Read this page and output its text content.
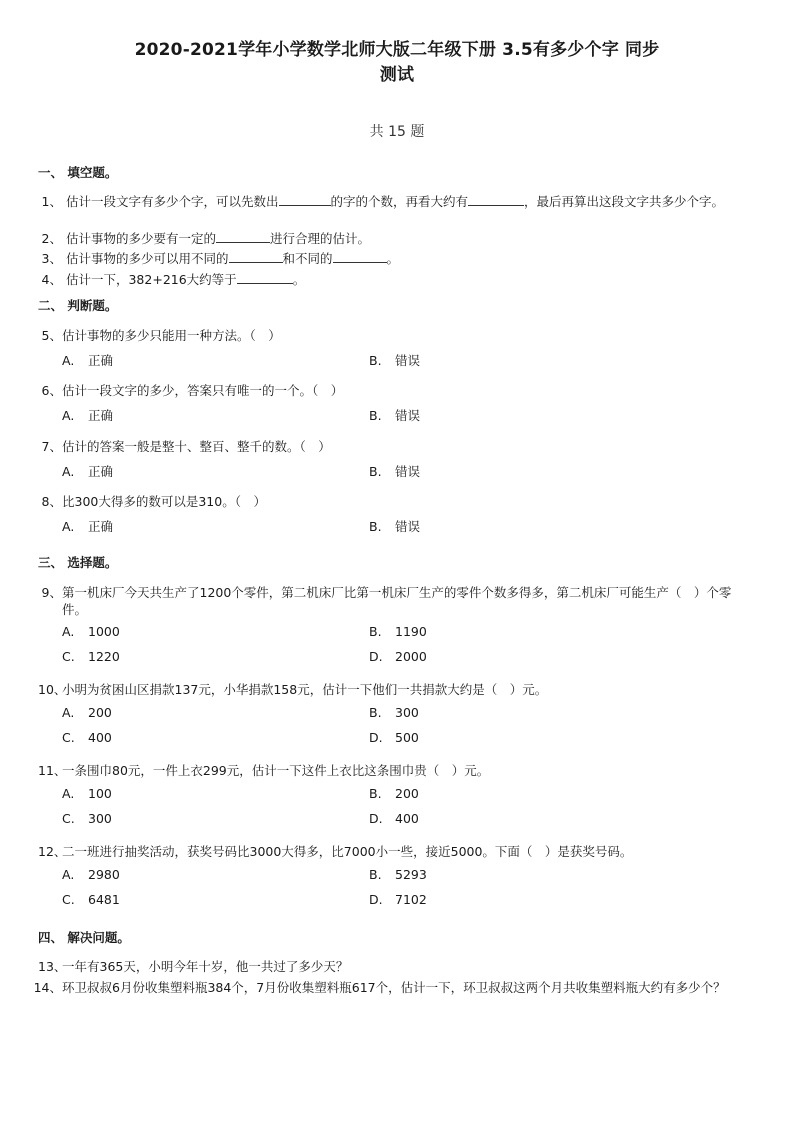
2020-2021学年小学数学北师大版二年级下册 3.5有多少个字 同步
测试
共 15 题
一、 填空题。
1、 估计一段文字有多少个字，可以先数出	的字的个数，再看大约有	，最后再算出这段文字共多少个字。
2、 估计事物的多少要有一定的	进行合理的估计。
3、 估计事物的多少可以用不同的	和不同的	。
4、 估计一下，382+216大约等于	。
二、 判断题。
5、估计事物的多少只能用一种方法。（　）
A. 正确	B. 错误
6、估计一段文字的多少，答案只有唯一的一个。（　）
A. 正确	B. 错误
7、估计的答案一般是整十、整百、整千的数。（　）
A. 正确	B. 错误
8、比300大得多的数可以是310。（　）
A. 正确	B. 错误
三、 选择题。
9、第一机床厂今天共生产了1200个零件，第二机床厂比第一机床厂生产的零件个数多得多，第二机床厂可能生产（　）个零件。
A. 1000	B. 1190
C. 1220	D. 2000
10、小明为贫困山区捐款137元，小华捐款158元，估计一下他们一共捐款大约是（　）元。
A. 200	B. 300
C. 400	D. 500
11、一条围巾80元，一件上衣299元，估计一下这件上衣比这条围巾贵（　）元。
A. 100	B. 200
C. 300	D. 400
12、二一班进行抽奖活动，获奖号码比3000大得多，比7000小一些，接近5000。下面（　）是获奖号码。
A. 2980	B. 5293
C. 6481	D. 7102
四、 解决问题。
13、一年有365天，小明今年十岁，他一共过了多少天？
14、环卫叔叔6月份收集塑料瓶384个，7月份收集塑料瓶617个，估计一下，环卫叔叔这两个月共收集塑料瓶大约有多少个？
